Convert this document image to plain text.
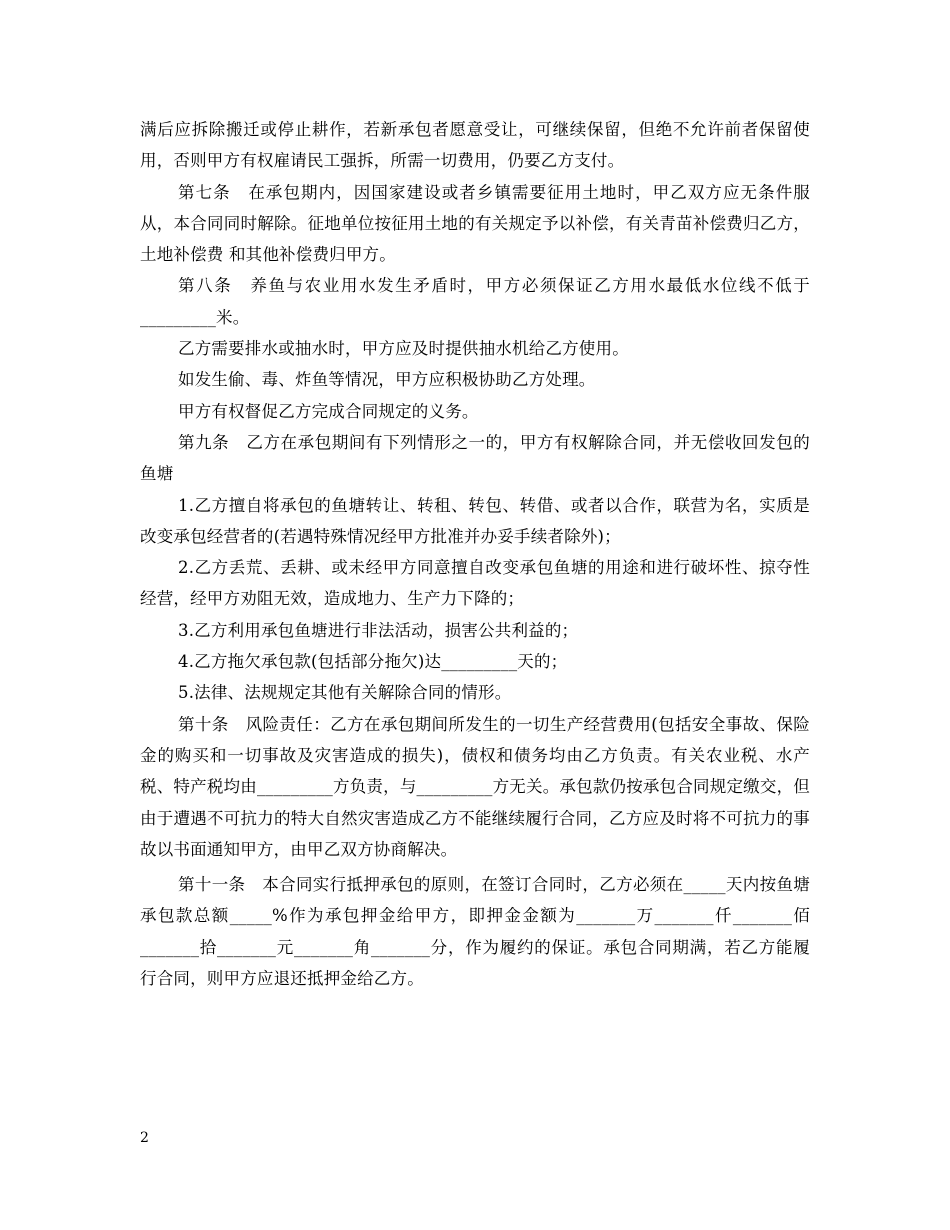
满后应拆除搬迁或停止耕作，若新承包者愿意受让，可继续保留，但绝不允许前者保留使用，否则甲方有权雇请民工强拆，所需一切费用，仍要乙方支付。

第七条　在承包期内，因国家建设或者乡镇需要征用土地时，甲乙双方应无条件服从，本合同同时解除。征地单位按征用土地的有关规定予以补偿，有关青苗补偿费归乙方，土地补偿费 和其他补偿费归甲方。

第八条　养鱼与农业用水发生矛盾时，甲方必须保证乙方用水最低水位线不低于_________米。

乙方需要排水或抽水时，甲方应及时提供抽水机给乙方使用。

如发生偷、毒、炸鱼等情况，甲方应积极协助乙方处理。

甲方有权督促乙方完成合同规定的义务。

第九条　乙方在承包期间有下列情形之一的，甲方有权解除合同，并无偿收回发包的鱼塘

1.乙方擅自将承包的鱼塘转让、转租、转包、转借、或者以合作，联营为名，实质是改变承包经营者的(若遇特殊情况经甲方批准并办妥手续者除外)；

2.乙方丢荒、丢耕、或未经甲方同意擅自改变承包鱼塘的用途和进行破坏性、掠夺性经营，经甲方劝阻无效，造成地力、生产力下降的；

3.乙方利用承包鱼塘进行非法活动，损害公共利益的；

4.乙方拖欠承包款(包括部分拖欠)达_________天的；

5.法律、法规规定其他有关解除合同的情形。

第十条　风险责任：乙方在承包期间所发生的一切生产经营费用(包括安全事故、保险金的购买和一切事故及灾害造成的损失)，债权和债务均由乙方负责。有关农业税、水产税、特产税均由_________方负责，与_________方无关。承包款仍按承包合同规定缴交，但由于遭遇不可抗力的特大自然灾害造成乙方不能继续履行合同，乙方应及时将不可抗力的事故以书面通知甲方，由甲乙双方协商解决。

第十一条　本合同实行抵押承包的原则，在签订合同时，乙方必须在_____天内按鱼塘承包款总额_____%作为承包押金给甲方，即押金金额为_______万_______仟_______佰_______拾_______元_______角_______分，作为履约的保证。承包合同期满，若乙方能履行合同，则甲方应退还抵押金给乙方。

2
